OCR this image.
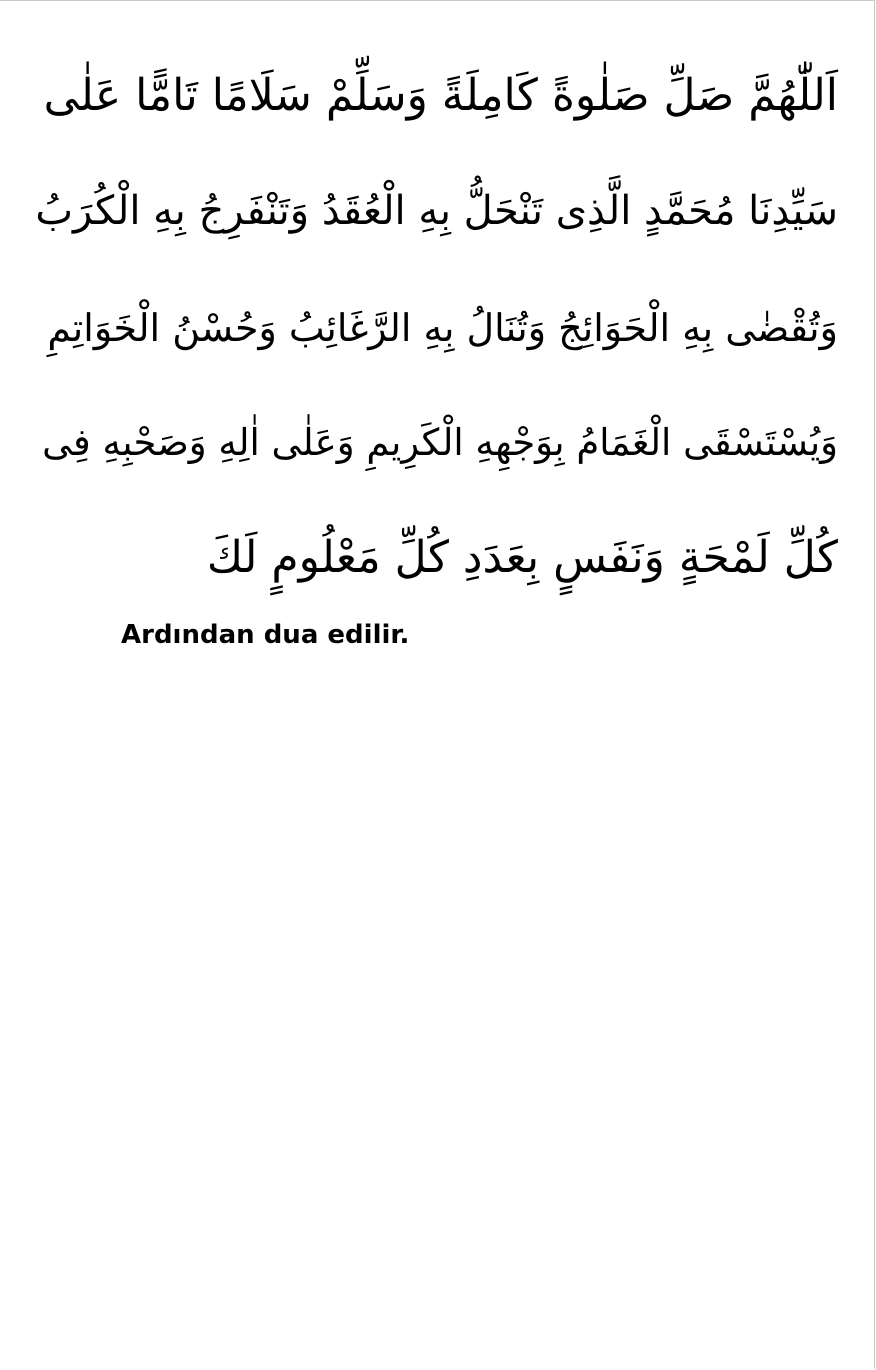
اَللّٰهُمَّ صَلِّ صَلٰوةً كَامِلَةً وَسَلِّمْ سَلَامًا تَامًّا عَلٰى
سَيِّدِنَا مُحَمَّدٍ الَّذِى تَنْحَلُّ بِهِ الْعُقَدُ وَتَنْفَرِجُ بِهِ الْكُرَبُ
وَتُقْضٰى بِهِ الْحَوَائِجُ وَتُنَالُ بِهِ الرَّغَائِبُ وَحُسْنُ الْخَوَاتِمِ
وَيُسْتَسْقَى الْغَمَامُ بِوَجْهِهِ الْكَرِيمِ وَعَلٰى اٰلِهِ وَصَحْبِهِ فِى
كُلِّ لَمْحَةٍ وَنَفَسٍ بِعَدَدِ كُلِّ مَعْلُومٍ لَكَ
Ardından dua edilir.
